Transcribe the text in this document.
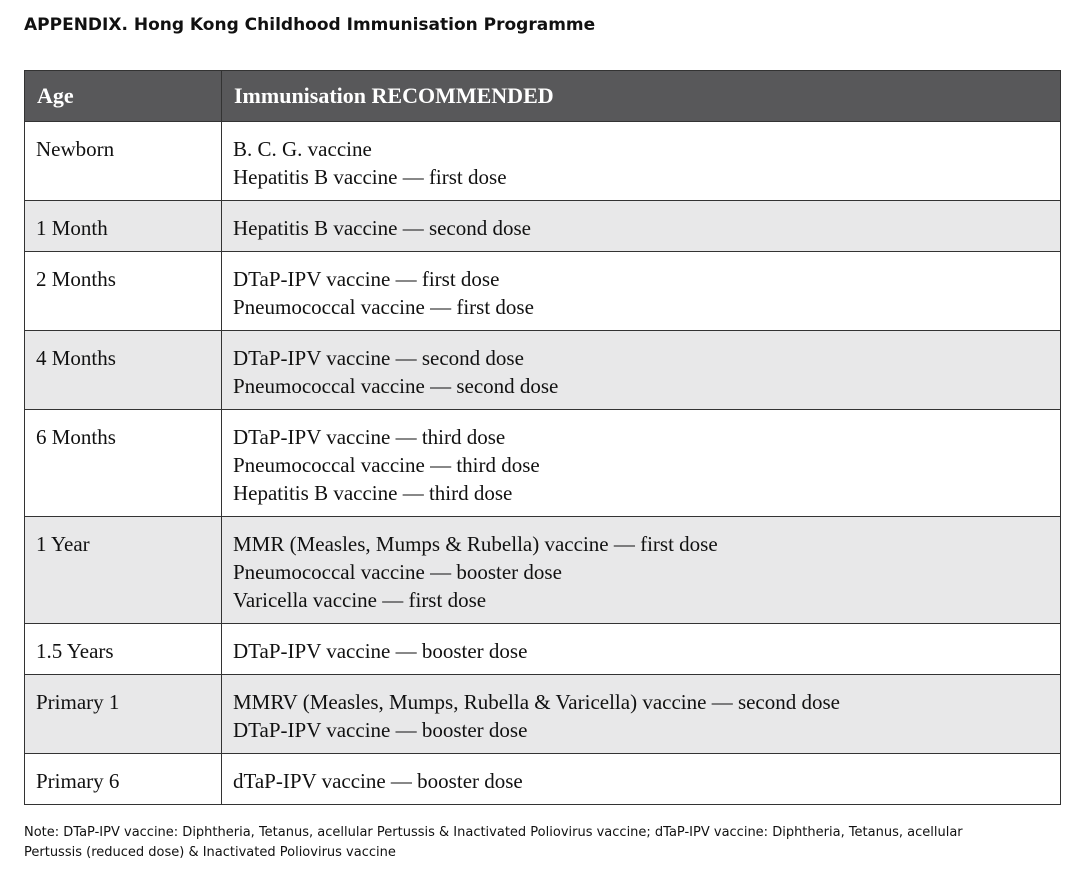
APPENDIX. Hong Kong Childhood Immunisation Programme
Age	Immunisation RECOMMENDED
Newborn	B. C. G. vaccine
Hepatitis B vaccine — first dose

1 Month	Hepatitis B vaccine — second dose

2 Months	DTaP-IPV vaccine — first dose
Pneumococcal vaccine — first dose

4 Months	DTaP-IPV vaccine — second dose
Pneumococcal vaccine — second dose

6 Months	DTaP-IPV vaccine — third dose
Pneumococcal vaccine — third dose
Hepatitis B vaccine — third dose

1 Year	MMR (Measles, Mumps & Rubella) vaccine — first dose
Pneumococcal vaccine — booster dose
Varicella vaccine — first dose

1.5 Years	DTaP-IPV vaccine — booster dose

Primary 1	MMRV (Measles, Mumps, Rubella & Varicella) vaccine — second dose
DTaP-IPV vaccine — booster dose

Primary 6	dTaP-IPV vaccine — booster dose
Note: DTaP-IPV vaccine: Diphtheria, Tetanus, acellular Pertussis & Inactivated Poliovirus vaccine; dTaP-IPV vaccine: Diphtheria, Tetanus, acellular Pertussis (reduced dose) & Inactivated Poliovirus vaccine
